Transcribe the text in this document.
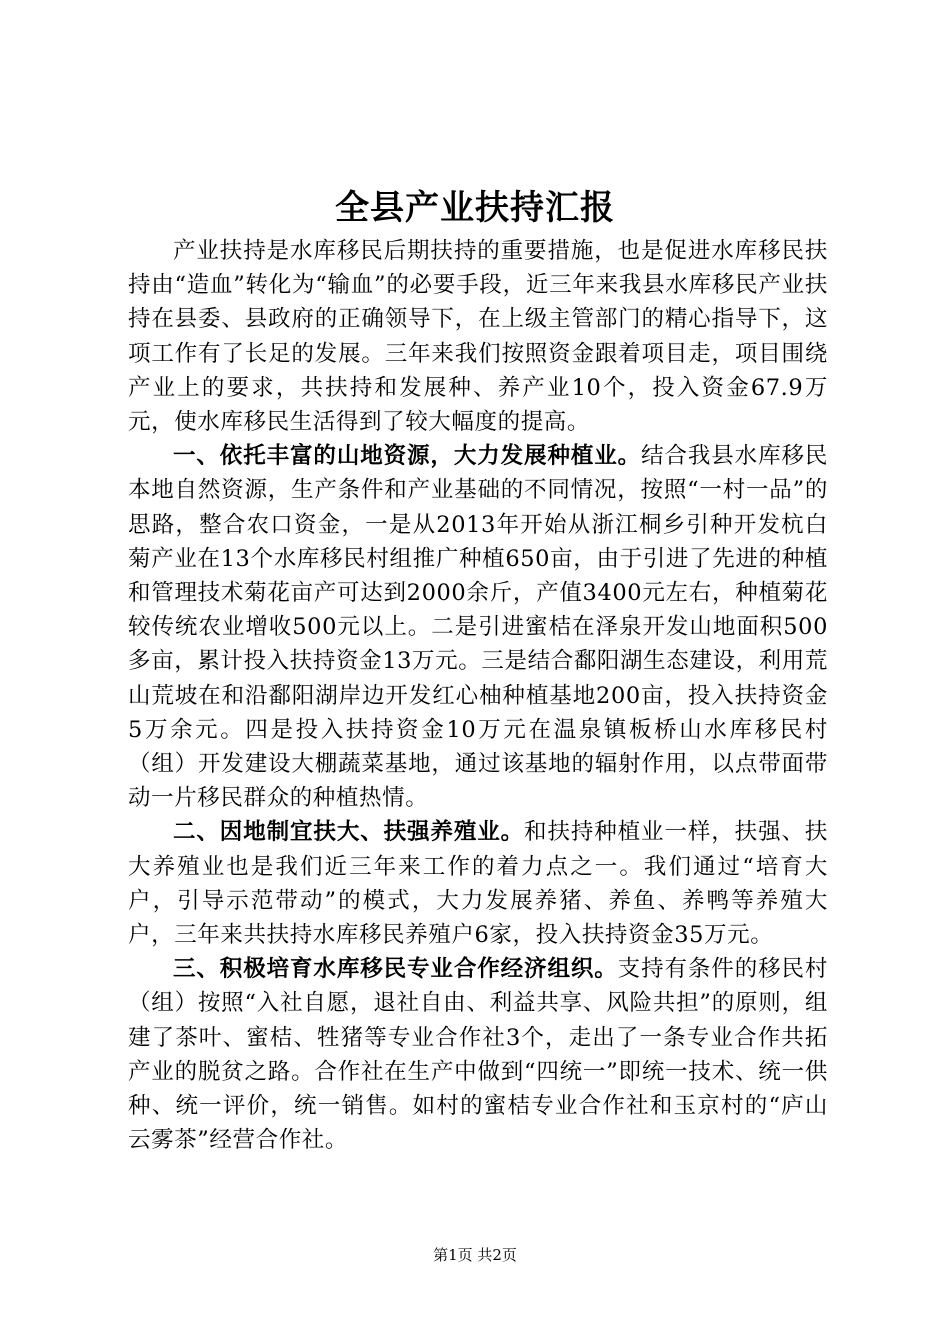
全县产业扶持汇报

产业扶持是水库移民后期扶持的重要措施，也是促进水库移民扶持由“造血”转化为“输血”的必要手段，近三年来我县水库移民产业扶持在县委、县政府的正确领导下，在上级主管部门的精心指导下，这项工作有了长足的发展。三年来我们按照资金跟着项目走，项目围绕产业上的要求，共扶持和发展种、养产业10个，投入资金67.9万元，使水库移民生活得到了较大幅度的提高。

一、依托丰富的山地资源，大力发展种植业。结合我县水库移民本地自然资源，生产条件和产业基础的不同情况，按照“一村一品”的思路，整合农口资金，一是从2013年开始从浙江桐乡引种开发杭白菊产业在13个水库移民村组推广种植650亩，由于引进了先进的种植和管理技术菊花亩产可达到2000余斤，产值3400元左右，种植菊花较传统农业增收500元以上。二是引进蜜桔在泽泉开发山地面积500多亩，累计投入扶持资金13万元。三是结合鄱阳湖生态建设，利用荒山荒坡在和沿鄱阳湖岸边开发红心柚种植基地200亩，投入扶持资金5万余元。四是投入扶持资金10万元在温泉镇板桥山水库移民村（组）开发建设大棚蔬菜基地，通过该基地的辐射作用，以点带面带动一片移民群众的种植热情。

二、因地制宜扶大、扶强养殖业。和扶持种植业一样，扶强、扶大养殖业也是我们近三年来工作的着力点之一。我们通过“培育大户，引导示范带动”的模式，大力发展养猪、养鱼、养鸭等养殖大户，三年来共扶持水库移民养殖户6家，投入扶持资金35万元。

三、积极培育水库移民专业合作经济组织。支持有条件的移民村（组）按照“入社自愿，退社自由、利益共享、风险共担”的原则，组建了茶叶、蜜桔、牲猪等专业合作社3个，走出了一条专业合作共拓产业的脱贫之路。合作社在生产中做到“四统一”即统一技术、统一供种、统一评价，统一销售。如村的蜜桔专业合作社和玉京村的“庐山云雾茶”经营合作社。

第1页 共2页
